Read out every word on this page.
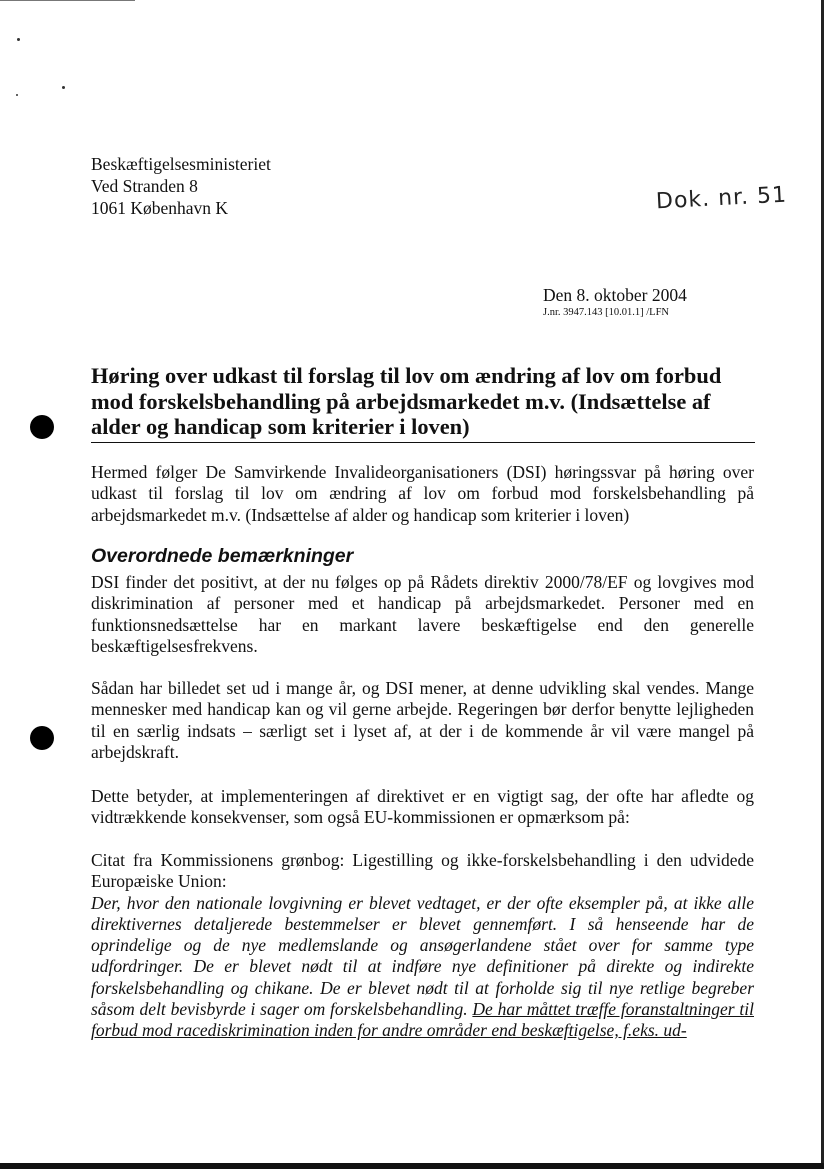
Beskæftigelsesministeriet
Ved Stranden 8
1061 København K	Dok. nr. 51
Den 8. oktober 2004
J.nr. 3947.143 [10.01.1] /LFN
Høring over udkast til forslag til lov om ændring af lov om forbud mod forskelsbehandling på arbejdsmarkedet m.v. (Indsættelse af alder og handicap som kriterier i loven)
Hermed følger De Samvirkende Invalideorganisationers (DSI) høringssvar på høring over udkast til forslag til lov om ændring af lov om forbud mod forskelsbehandling på arbejdsmarkedet m.v. (Indsættelse af alder og handicap som kriterier i loven)
Overordnede bemærkninger
DSI finder det positivt, at der nu følges op på Rådets direktiv 2000/78/EF og lovgives mod diskrimination af personer med et handicap på arbejdsmarkedet. Personer med en funktionsnedsættelse har en markant lavere beskæftigelse end den generelle beskæftigelsesfrekvens.
Sådan har billedet set ud i mange år, og DSI mener, at denne udvikling skal vendes. Mange mennesker med handicap kan og vil gerne arbejde. Regeringen bør derfor benytte lejligheden til en særlig indsats – særligt set i lyset af, at der i de kommende år vil være mangel på arbejdskraft.
Dette betyder, at implementeringen af direktivet er en vigtigt sag, der ofte har afledte og vidtrækkende konsekvenser, som også EU-kommissionen er opmærksom på:
Citat fra Kommissionens grønbog: Ligestilling og ikke-forskelsbehandling i den udvidede Europæiske Union:
Der, hvor den nationale lovgivning er blevet vedtaget, er der ofte eksempler på, at ikke alle direktivernes detaljerede bestemmelser er blevet gennemført. I så henseende har de oprindelige og de nye medlemslande og ansøgerlandene stået over for samme type udfordringer. De er blevet nødt til at indføre nye definitioner på direkte og indirekte forskelsbehandling og chikane. De er blevet nødt til at forholde sig til nye retlige begreber såsom delt bevisbyrde i sager om forskelsbehandling. De har måttet træffe foranstaltninger til forbud mod racediskrimination inden for andre områder end beskæftigelse, f.eks. ud-
